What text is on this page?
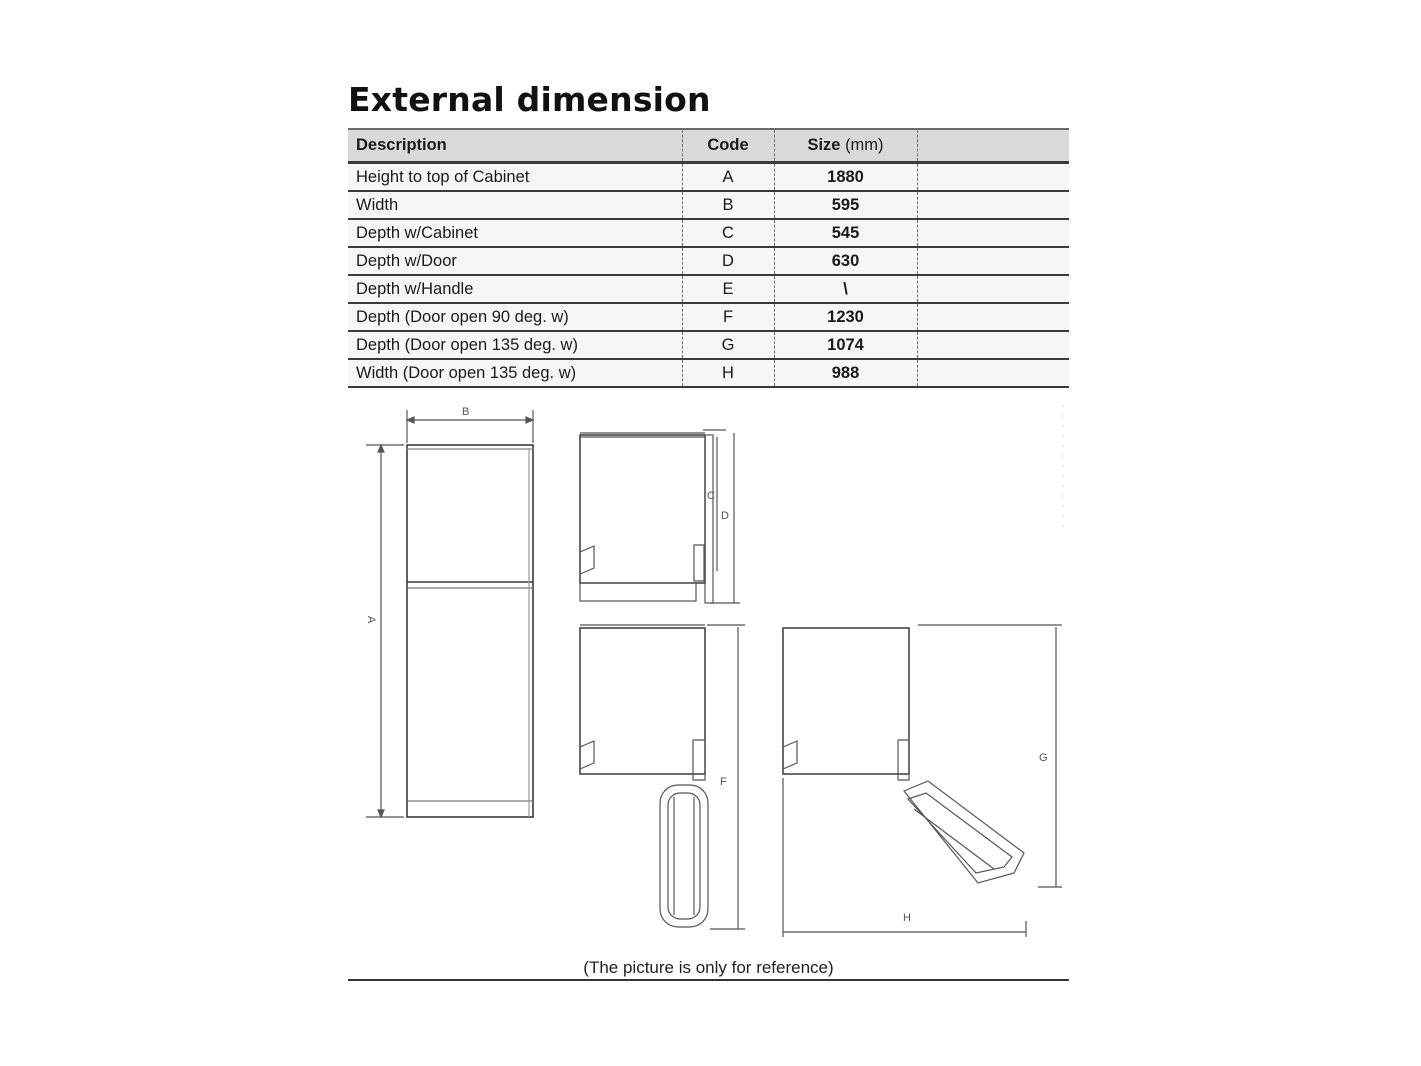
External dimension
Description	Code	Size (mm)	
Height to top of Cabinet	A	1880	
Width	B	595	
Depth w/Cabinet	C	545	
Depth w/Door	D	630	
Depth w/Handle	E	\	
Depth (Door open 90 deg. w)	F	1230	
Depth (Door open 135 deg. w)	G	1074	
Width (Door open 135 deg. w)	H	988	
B
A
C
D
F
G
H
(The picture is only for reference)
